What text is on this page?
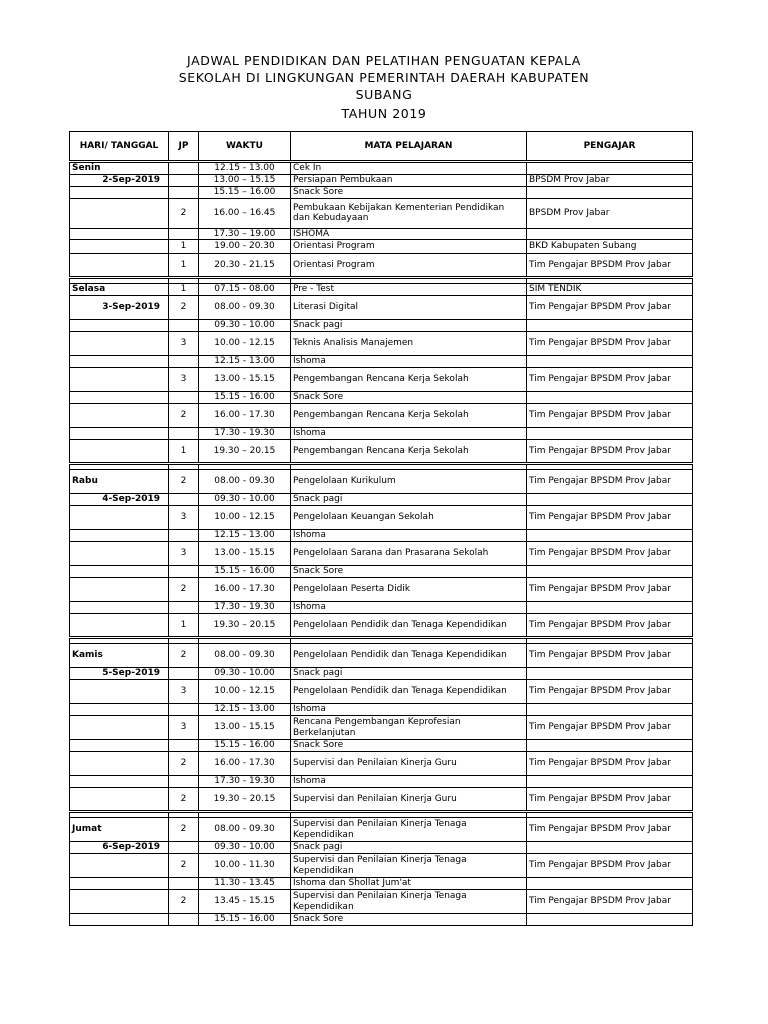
JADWAL PENDIDIKAN DAN PELATIHAN PENGUATAN KEPALA
SEKOLAH DI LINGKUNGAN PEMERINTAH DAERAH KABUPATEN
SUBANG
TAHUN 2019
HARI/ TANGGAL	JP	WAKTU	MATA PELAJARAN	PENGAJAR
Senin		12.15 - 13.00	Cek In	
2-Sep-2019		13.00 – 15.15	Persiapan Pembukaan	BPSDM Prov Jabar
		15.15 – 16.00	Snack Sore	
	2	16.00 – 16.45	Pembukaan Kebijakan Kementerian Pendidikan dan Kebudayaan	BPSDM Prov Jabar
		17.30 – 19.00	ISHOMA	
	1	19.00 - 20.30	Orientasi Program	BKD Kabupaten Subang
	1	20.30 - 21.15	Orientasi Program	Tim Pengajar BPSDM Prov Jabar

Selasa	1	07.15 - 08.00	Pre - Test	SIM TENDIK
3-Sep-2019	2	08.00 - 09.30	Literasi Digital	Tim Pengajar BPSDM Prov Jabar
		09.30 - 10.00	Snack pagi	
	3	10.00 - 12.15	Teknis Analisis Manajemen	Tim Pengajar BPSDM Prov Jabar
		12.15 - 13.00	Ishoma	
	3	13.00 - 15.15	Pengembangan Rencana Kerja Sekolah	Tim Pengajar BPSDM Prov Jabar
		15.15 - 16.00	Snack Sore	
	2	16.00 - 17.30	Pengembangan Rencana Kerja Sekolah	Tim Pengajar BPSDM Prov Jabar
		17.30 - 19.30	Ishoma	
	1	19.30 – 20.15	Pengembangan Rencana Kerja Sekolah	Tim Pengajar BPSDM Prov Jabar

Rabu	2	08.00 - 09.30	Pengelolaan Kurikulum	Tim Pengajar BPSDM Prov Jabar
4-Sep-2019		09.30 - 10.00	Snack pagi	
	3	10.00 - 12.15	Pengelolaan Keuangan Sekolah	Tim Pengajar BPSDM Prov Jabar
		12.15 - 13.00	Ishoma	
	3	13.00 - 15.15	Pengelolaan Sarana dan Prasarana Sekolah	Tim Pengajar BPSDM Prov Jabar
		15.15 - 16.00	Snack Sore	
	2	16.00 - 17.30	Pengelolaan Peserta Didik	Tim Pengajar BPSDM Prov Jabar
		17.30 - 19.30	Ishoma	
	1	19.30 – 20.15	Pengelolaan Pendidik dan Tenaga Kependidikan	Tim Pengajar BPSDM Prov Jabar

Kamis	2	08.00 - 09.30	Pengelolaan Pendidik dan Tenaga Kependidikan	Tim Pengajar BPSDM Prov Jabar
5-Sep-2019		09.30 - 10.00	Snack pagi	
	3	10.00 - 12.15	Pengelolaan Pendidik dan Tenaga Kependidikan	Tim Pengajar BPSDM Prov Jabar
		12.15 - 13.00	Ishoma	
	3	13.00 - 15.15	Rencana Pengembangan Keprofesian Berkelanjutan	Tim Pengajar BPSDM Prov Jabar
		15.15 - 16.00	Snack Sore	
	2	16.00 - 17.30	Supervisi dan Penilaian Kinerja Guru	Tim Pengajar BPSDM Prov Jabar
		17.30 - 19.30	Ishoma	
	2	19.30 – 20.15	Supervisi dan Penilaian Kinerja Guru	Tim Pengajar BPSDM Prov Jabar

Jumat	2	08.00 - 09.30	Supervisi dan Penilaian Kinerja Tenaga Kependidikan	Tim Pengajar BPSDM Prov Jabar
6-Sep-2019		09.30 - 10.00	Snack pagi	
	2	10.00 - 11.30	Supervisi dan Penilaian Kinerja Tenaga Kependidikan	Tim Pengajar BPSDM Prov Jabar
		11.30 - 13.45	Ishoma dan Shollat Jum'at	
	2	13.45 - 15.15	Supervisi dan Penilaian Kinerja Tenaga Kependidikan	Tim Pengajar BPSDM Prov Jabar
		15.15 - 16.00	Snack Sore	
